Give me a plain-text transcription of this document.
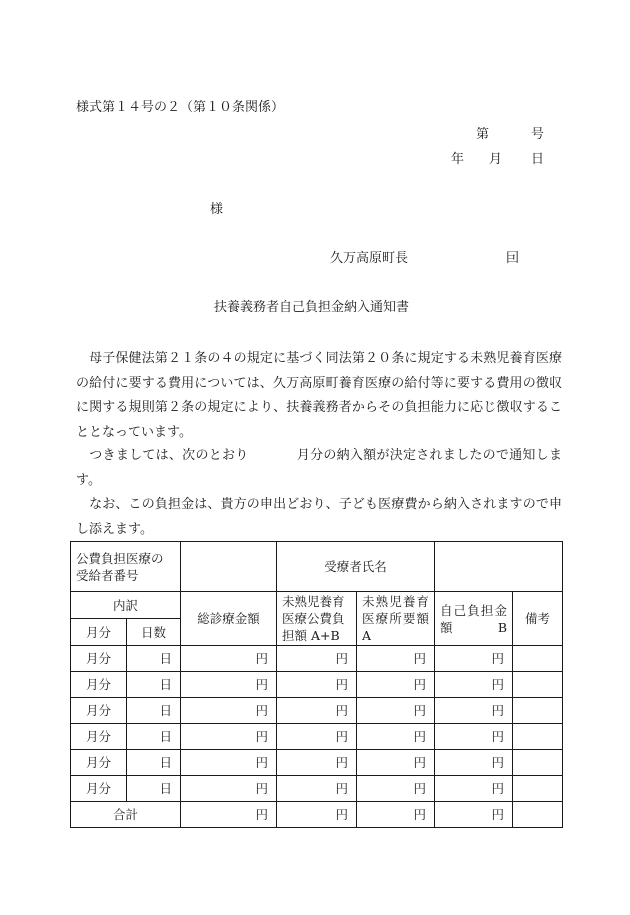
様式第１４号の２（第１０条関係）
第	号
年 月 日
様
久万高原町長	囙
扶養義務者自己負担金納入通知書
　母子保健法第２１条の４の規定に基づく同法第２０条に規定する未熟児養育医療の給付に要する費用については、久万高原町養育医療の給付等に要する費用の徴収に関する規則第２条の規定により、扶養義務者からその負担能力に応じ徴収することとなっています。
　つきましては、次のとおり	月分の納入額が決定されましたので通知します。
　なお、この負担金は、貴方の申出どおり、子ども医療費から納入されますので申し添えます。
公費負担医療の受給者番号			受療者氏名			
内訳		総診療金額	未熟児養育医療公費負担額 A+B	未熟児養育医療所要額 A	自己負担金額 B	備考
月分	日数					
月分	日	円	円	円	円	
月分	日	円	円	円	円	
月分	日	円	円	円	円	
月分	日	円	円	円	円	
月分	日	円	円	円	円	
月分	日	円	円	円	円	
合計		円	円	円	円	
